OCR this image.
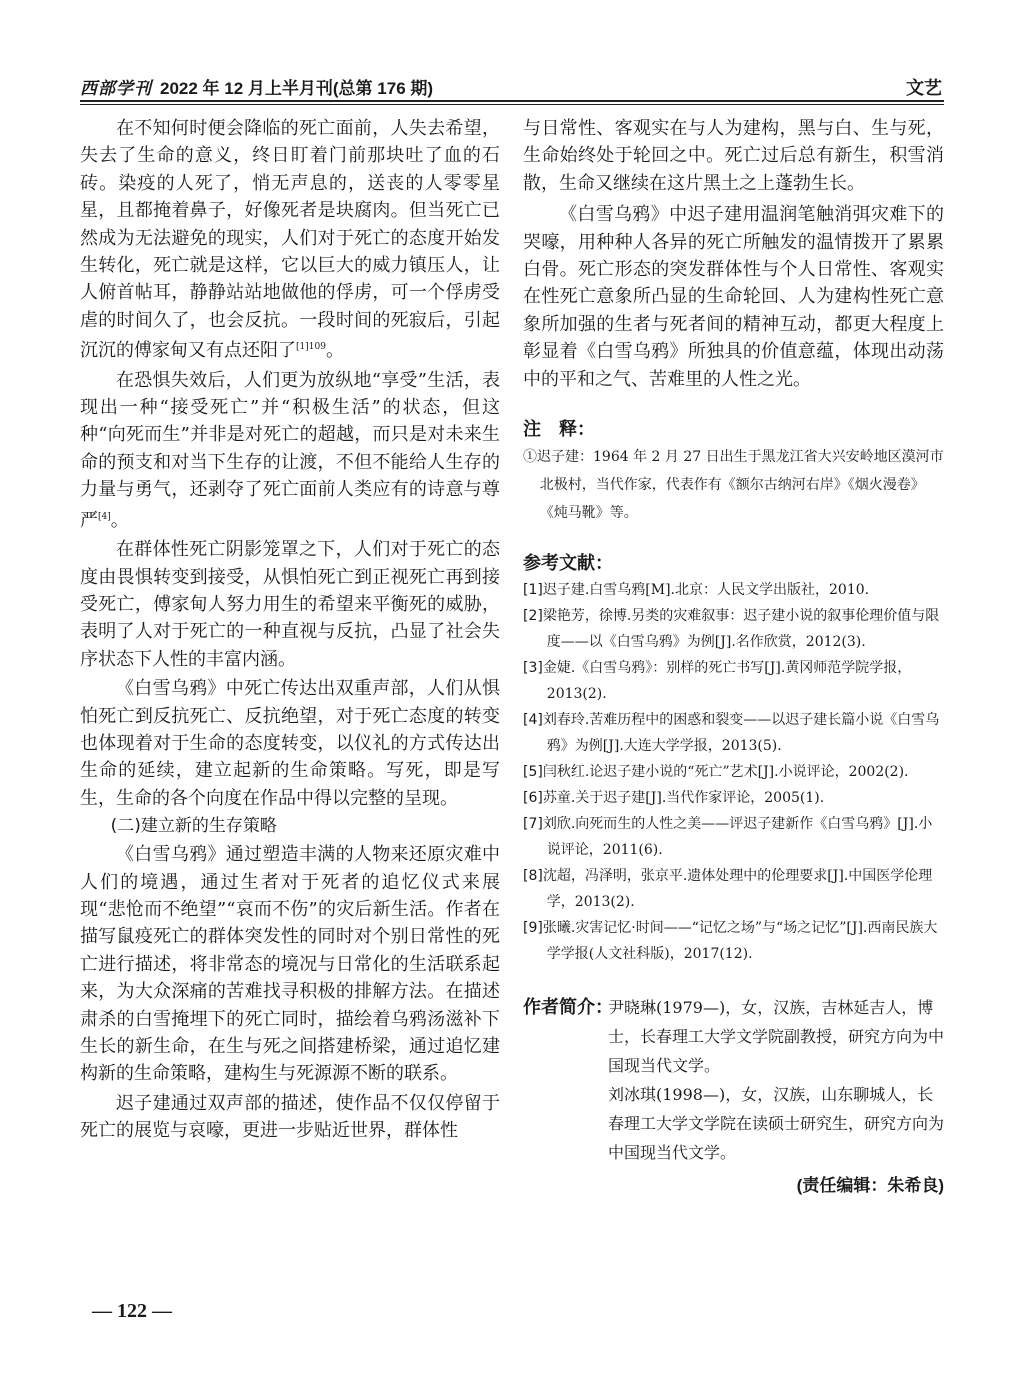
西部学刊 2022 年 12 月上半月刊(总第 176 期)	文艺

在不知何时便会降临的死亡面前，人失去希望，失去了生命的意义，终日盯着门前那块吐了血的石砖。染疫的人死了，悄无声息的，送丧的人零零星星，且都掩着鼻子，好像死者是块腐肉。但当死亡已然成为无法避免的现实，人们对于死亡的态度开始发生转化，死亡就是这样，它以巨大的威力镇压人，让人俯首帖耳，静静站站地做他的俘虏，可一个俘虏受虐的时间久了，也会反抗。一段时间的死寂后，引起沉沉的傅家甸又有点还阳了$^{[1]109}$。

在恐惧失效后，人们更为放纵地“享受”生活，表现出一种“接受死亡”并“积极生活”的状态，但这种“向死而生”并非是对死亡的超越，而只是对未来生命的预支和对当下生存的让渡，不但不能给人生存的力量与勇气，还剥夺了死亡面前人类应有的诗意与尊严[4]。

在群体性死亡阴影笼罩之下，人们对于死亡的态度由畏惧转变到接受，从惧怕死亡到正视死亡再到接受死亡，傅家甸人努力用生的希望来平衡死的威胁，表明了人对于死亡的一种直视与反抗，凸显了社会失序状态下人性的丰富内涵。

《白雪乌鸦》中死亡传达出双重声部，人们从惧怕死亡到反抗死亡、反抗绝望，对于死亡态度的转变也体现着对于生命的态度转变，以仪礼的方式传达出生命的延续，建立起新的生命策略。写死，即是写生，生命的各个向度在作品中得以完整的呈现。

(二)建立新的生存策略

《白雪乌鸦》通过塑造丰满的人物来还原灾难中人们的境遇，通过生者对于死者的追忆仪式来展现“悲怆而不绝望”“哀而不伤”的灾后新生活。作者在描写鼠疫死亡的群体突发性的同时对个别日常性的死亡进行描述，将非常态的境况与日常化的生活联系起来，为大众深痛的苦难找寻积极的排解方法。在描述肃杀的白雪掩埋下的死亡同时，描绘着乌鸦汤滋补下生长的新生命，在生与死之间搭建桥梁，通过追忆建构新的生命策略，建构生与死源源不断的联系。

迟子建通过双声部的描述，使作品不仅仅停留于死亡的展览与哀嚎，更进一步贴近世界，群体性

与日常性、客观实在与人为建构，黑与白、生与死，生命始终处于轮回之中。死亡过后总有新生，积雪消散，生命又继续在这片黑土之上蓬勃生长。

《白雪乌鸦》中迟子建用温润笔触消弭灾难下的哭嚎，用种种人各异的死亡所触发的温情拨开了累累白骨。死亡形态的突发群体性与个人日常性、客观实在性死亡意象所凸显的生命轮回、人为建构性死亡意象所加强的生者与死者间的精神互动，都更大程度上彰显着《白雪乌鸦》所独具的价值意蕴，体现出动荡中的平和之气、苦难里的人性之光。

注　释：

①迟子建：1964 年 2 月 27 日出生于黑龙江省大兴安岭地区漠河市北极村，当代作家，代表作有《额尔古纳河右岸》《烟火漫卷》《炖马靴》等。

参考文献：

[1]迟子建.白雪乌鸦[M].北京：人民文学出版社，2010.

[2]梁艳芳，徐博.另类的灾难叙事：迟子建小说的叙事伦理价值与限度——以《白雪乌鸦》为例[J].名作欣赏，2012(3).

[3]金婕.《白雪乌鸦》：别样的死亡书写[J].黄冈师范学院学报，2013(2).

[4]刘春玲.苦难历程中的困惑和裂变——以迟子建长篇小说《白雪乌鸦》为例[J].大连大学学报，2013(5).

[5]闫秋红.论迟子建小说的“死亡”艺术[J].小说评论，2002(2).

[6]苏童.关于迟子建[J].当代作家评论，2005(1).

[7]刘欣.向死而生的人性之美——评迟子建新作《白雪乌鸦》[J].小说评论，2011(6).

[8]沈超，冯泽明，张京平.遗体处理中的伦理要求[J].中国医学伦理学，2013(2).

[9]张曦.灾害记忆·时间——“记忆之场”与“场之记忆”[J].西南民族大学学报(人文社科版)，2017(12).

作者简介：

尹晓琳(1979—)，女，汉族，吉林延吉人，博士，长春理工大学文学院副教授，研究方向为中国现当代文学。

刘冰琪(1998—)，女，汉族，山东聊城人，长春理工大学文学院在读硕士研究生，研究方向为中国现当代文学。

(责任编辑：朱希良)
— 122 —
